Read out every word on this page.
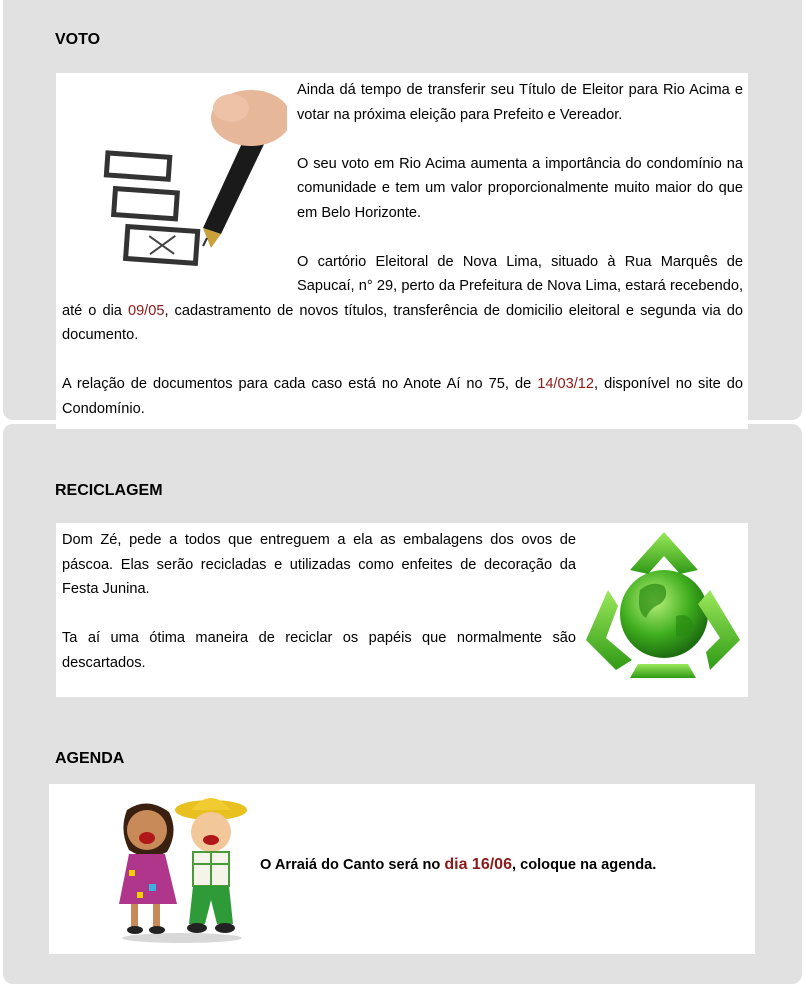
VOTO

Ainda dá tempo de transferir seu Título de Eleitor para Rio Acima e votar na próxima eleição para Prefeito e Vereador.

O seu voto em Rio Acima aumenta a importância do condomínio na comunidade e tem um valor proporcionalmente muito maior do que em Belo Horizonte.

O cartório Eleitoral de Nova Lima, situado à Rua Marquês de Sapucaí, n° 29, perto da Prefeitura de Nova Lima, estará recebendo, até o dia 09/05, cadastramento de novos títulos, transferência de domicilio eleitoral e segunda via do documento.

A relação de documentos para cada caso está no Anote Aí no 75, de 14/03/12, disponível no site do Condomínio.

RECICLAGEM

Dom Zé, pede a todos que entreguem a ela as embalagens dos ovos de páscoa. Elas serão recicladas e utilizadas como enfeites de decoração da Festa Junina.

Ta aí uma ótima maneira de reciclar os papéis que normalmente são descartados.

AGENDA
O Arraiá do Canto será no dia 16/06, coloque na agenda.
